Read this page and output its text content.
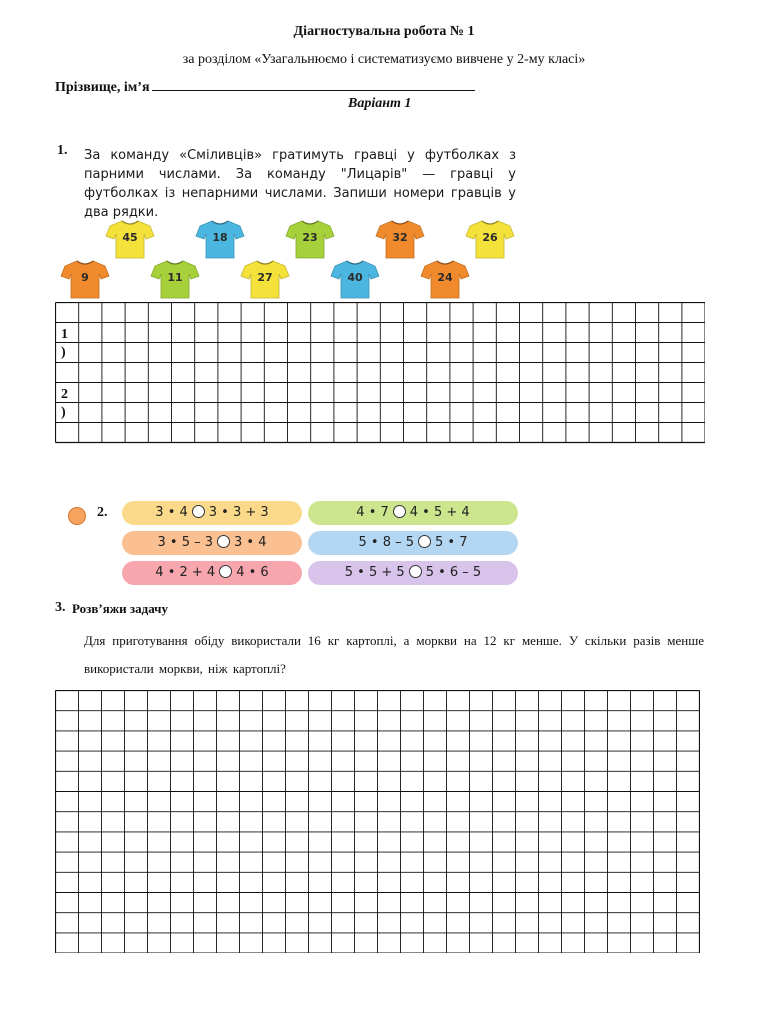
Діагностувальна робота № 1
за розділом «Узагальнюємо і систематизуємо вивчене у 2-му класі»
Прізвище, ім’я
Варіант 1
1. За команду «Сміливців» гратимуть гравці у футболках з парними числами. За команду "Лицарів" — гравці у футболках із непарними числами. Запиши номери гравців у два рядки.
45	18	23	32	26
9	11	27	40	24
1
)
2
)
2.	3 • 4 3 • 3 + 3	4 • 7 4 • 5 + 4
3 • 5 – 3 3 • 4	5 • 8 – 5 5 • 7
4 • 2 + 4 4 • 6	5 • 5 + 5 5 • 6 – 5
3. Розв’яжи задачу
Для приготування обіду використали 16 кг картоплі, а моркви на 12 кг менше. У скільки разів менше використали моркви, ніж картоплі?
